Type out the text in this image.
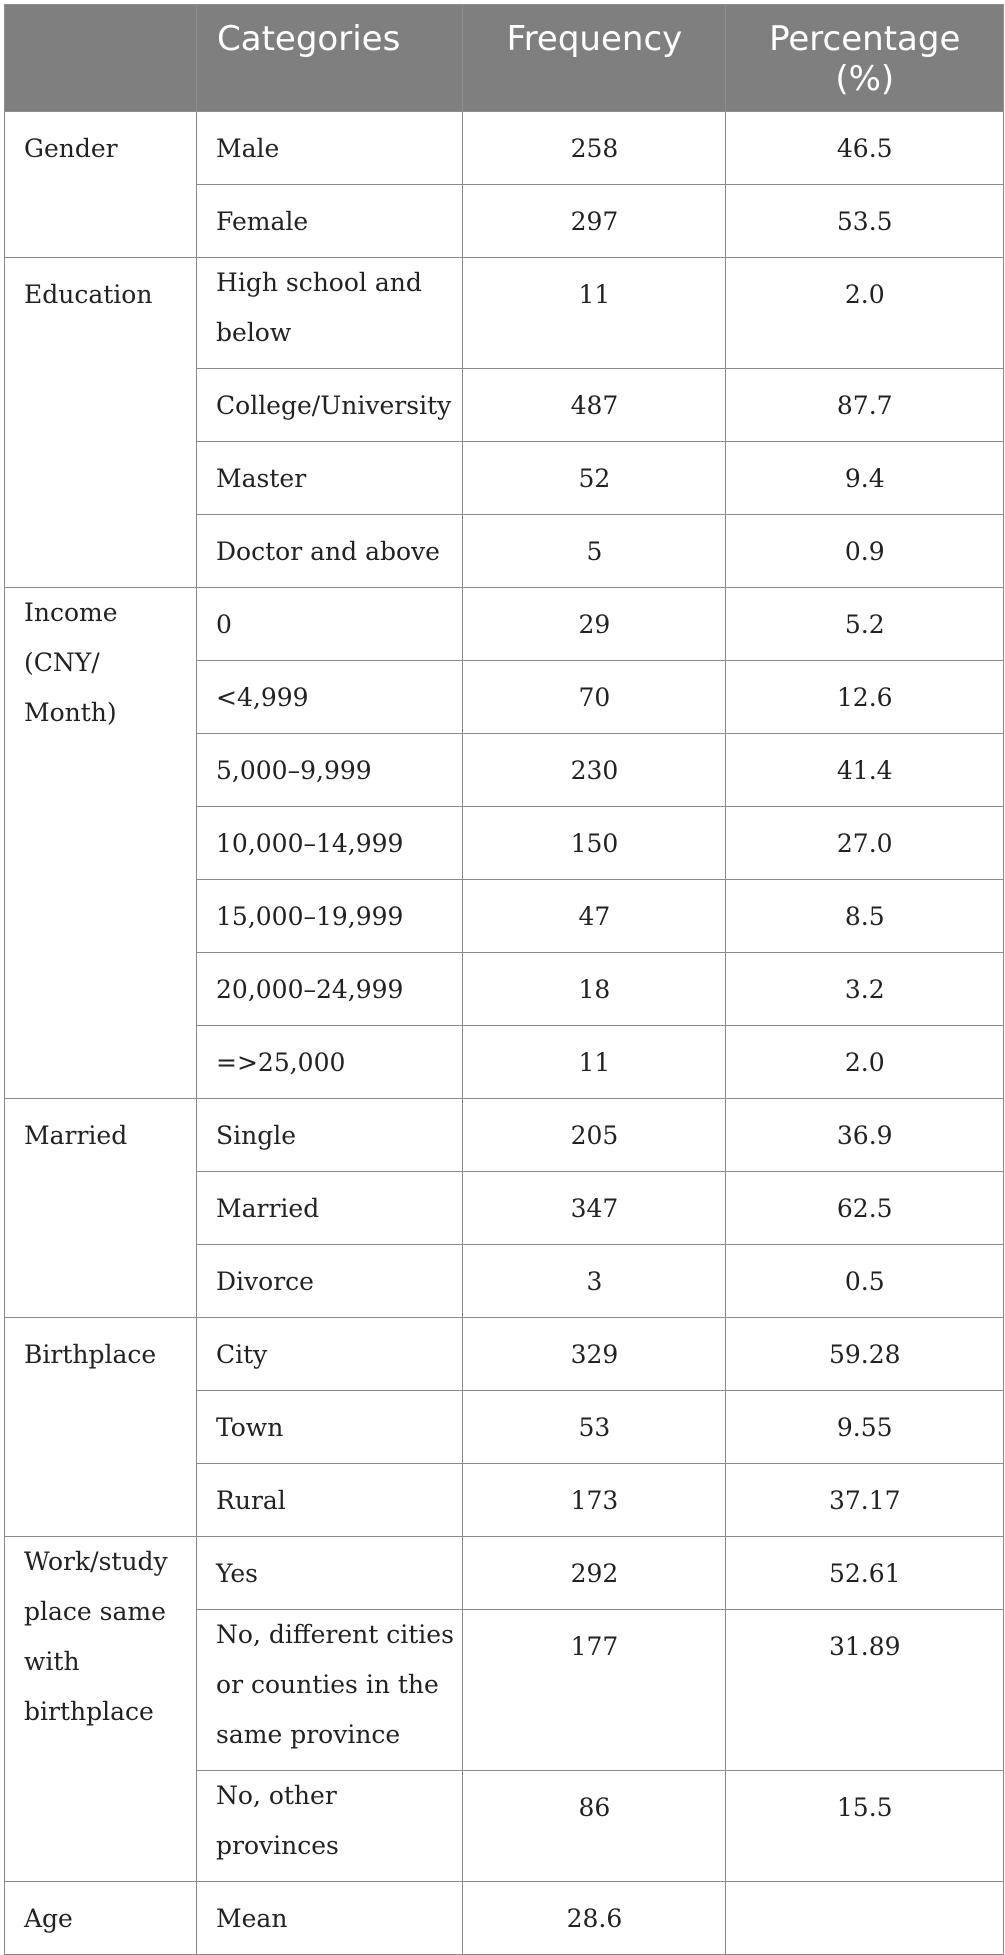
	Categories	Frequency	Percentage (%)
Gender	Male	258	46.5
	Female	297	53.5
Education	High school and below	11	2.0
	College/University	487	87.7
	Master	52	9.4
	Doctor and above	5	0.9
Income (CNY/ Month)	0	29	5.2
	<4,999	70	12.6
	5,000–9,999	230	41.4
	10,000–14,999	150	27.0
	15,000–19,999	47	8.5
	20,000–24,999	18	3.2
	=>25,000	11	2.0
Married	Single	205	36.9
	Married	347	62.5
	Divorce	3	0.5
Birthplace	City	329	59.28
	Town	53	9.55
	Rural	173	37.17
Work/study place same with birthplace	Yes	292	52.61
	No, different cities or counties in the same province	177	31.89
	No, other provinces	86	15.5
Age	Mean	28.6	
